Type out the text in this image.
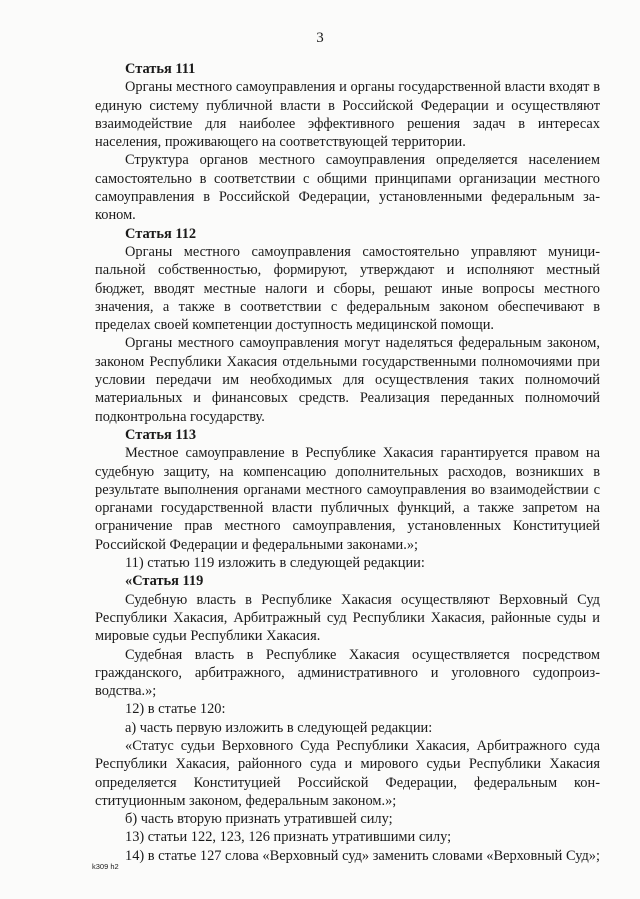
3

Статья 111

Органы местного самоуправления и органы государственной власти входят в единую систему публичной власти в Российской Федерации и осуществляют взаимодействие для наиболее эффективного решения задач в интересах населения, проживающего на соответствующей территории.

Структура органов местного самоуправления определяется населением самостоятельно в соответствии с общими принципами организации местного самоуправления в Российской Федерации, установленными федеральным законом.

Статья 112

Органы местного самоуправления самостоятельно управляют муниципальной собственностью, формируют, утверждают и исполняют местный бюджет, вводят местные налоги и сборы, решают иные вопросы местного значения, а также в соответствии с федеральным законом обеспечивают в пределах своей компетенции доступность медицинской помощи.

Органы местного самоуправления могут наделяться федеральным законом, законом Республики Хакасия отдельными государственными полномочиями при условии передачи им необходимых для осуществления таких полномочий материальных и финансовых средств. Реализация переданных полномочий подконтрольна государству.

Статья 113

Местное самоуправление в Республике Хакасия гарантируется правом на судебную защиту, на компенсацию дополнительных расходов, возникших в результате выполнения органами местного самоуправления во взаимодействии с органами государственной власти публичных функций, а также запретом на ограничение прав местного самоуправления, установленных Конституцией Российской Федерации и федеральными законами.»;

11) статью 119 изложить в следующей редакции:

«Статья 119

Судебную власть в Республике Хакасия осуществляют Верховный Суд Республики Хакасия, Арбитражный суд Республики Хакасия, районные суды и мировые судьи Республики Хакасия.

Судебная власть в Республике Хакасия осуществляется посредством гражданского, арбитражного, административного и уголовного судопроизводства.»;

12) в статье 120:

а) часть первую изложить в следующей редакции:

«Статус судьи Верховного Суда Республики Хакасия, Арбитражного суда Республики Хакасия, районного суда и мирового судьи Республики Хакасия определяется Конституцией Российской Федерации, федеральным конституционным законом, федеральным законом.»;

б) часть вторую признать утратившей силу;

13) статьи 122, 123, 126 признать утратившими силу;

14) в статье 127 слова «Верховный суд» заменить словами «Верховный Суд»;

k309 h2
